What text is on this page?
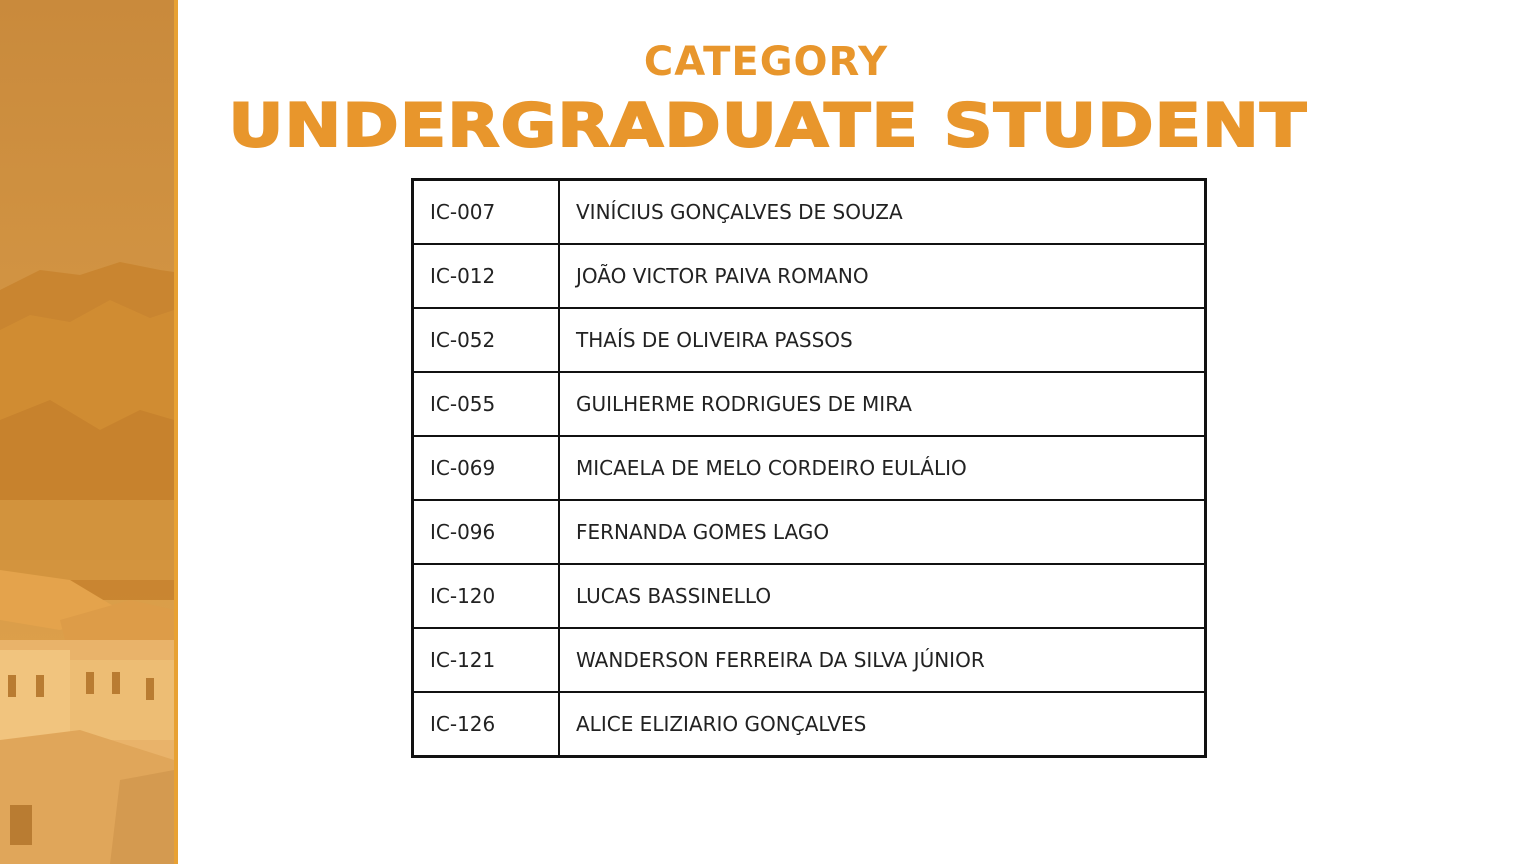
CATEGORY
UNDERGRADUATE STUDENT
IC-007	VINÍCIUS GONÇALVES DE SOUZA
IC-012	JOÃO VICTOR PAIVA ROMANO
IC-052	THAÍS DE OLIVEIRA PASSOS
IC-055	GUILHERME RODRIGUES DE MIRA
IC-069	MICAELA DE MELO CORDEIRO EULÁLIO
IC-096	FERNANDA GOMES LAGO
IC-120	LUCAS BASSINELLO
IC-121	WANDERSON FERREIRA DA SILVA JÚNIOR
IC-126	ALICE ELIZIARIO GONÇALVES
